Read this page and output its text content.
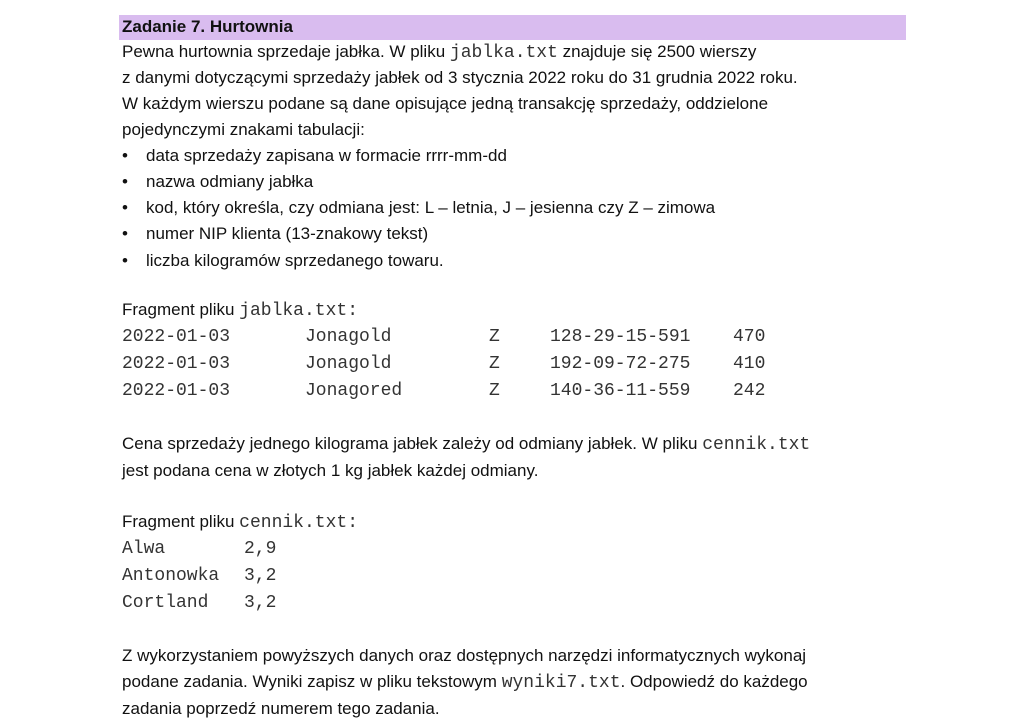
Zadanie 7. Hurtownia
Pewna hurtownia sprzedaje jabłka. W pliku jablka.txt znajduje się 2500 wierszy
z danymi dotyczącymi sprzedaży jabłek od 3 stycznia 2022 roku do 31 grudnia 2022 roku.
W każdym wierszu podane są dane opisujące jedną transakcję sprzedaży, oddzielone
pojedynczymi znakami tabulacji:
• data sprzedaży zapisana w formacie rrrr-mm-dd
• nazwa odmiany jabłka
• kod, który określa, czy odmiana jest: L – letnia, J – jesienna czy Z – zimowa
• numer NIP klienta (13-znakowy tekst)
• liczba kilogramów sprzedanego towaru.
Fragment pliku jablka.txt:
2022-01-03	Jonagold	Z	128-29-15-591 470
2022-01-03	Jonagold	Z	192-09-72-275 410
2022-01-03	Jonagored	Z	140-36-11-559 242
Cena sprzedaży jednego kilograma jabłek zależy od odmiany jabłek. W pliku cennik.txt
jest podana cena w złotych 1 kg jabłek każdej odmiany.
Fragment pliku cennik.txt:
Alwa	2,9
Antonowka 3,2
Cortland 3,2
Z wykorzystaniem powyższych danych oraz dostępnych narzędzi informatycznych wykonaj
podane zadania. Wyniki zapisz w pliku tekstowym wyniki7.txt. Odpowiedź do każdego
zadania poprzedź numerem tego zadania.
